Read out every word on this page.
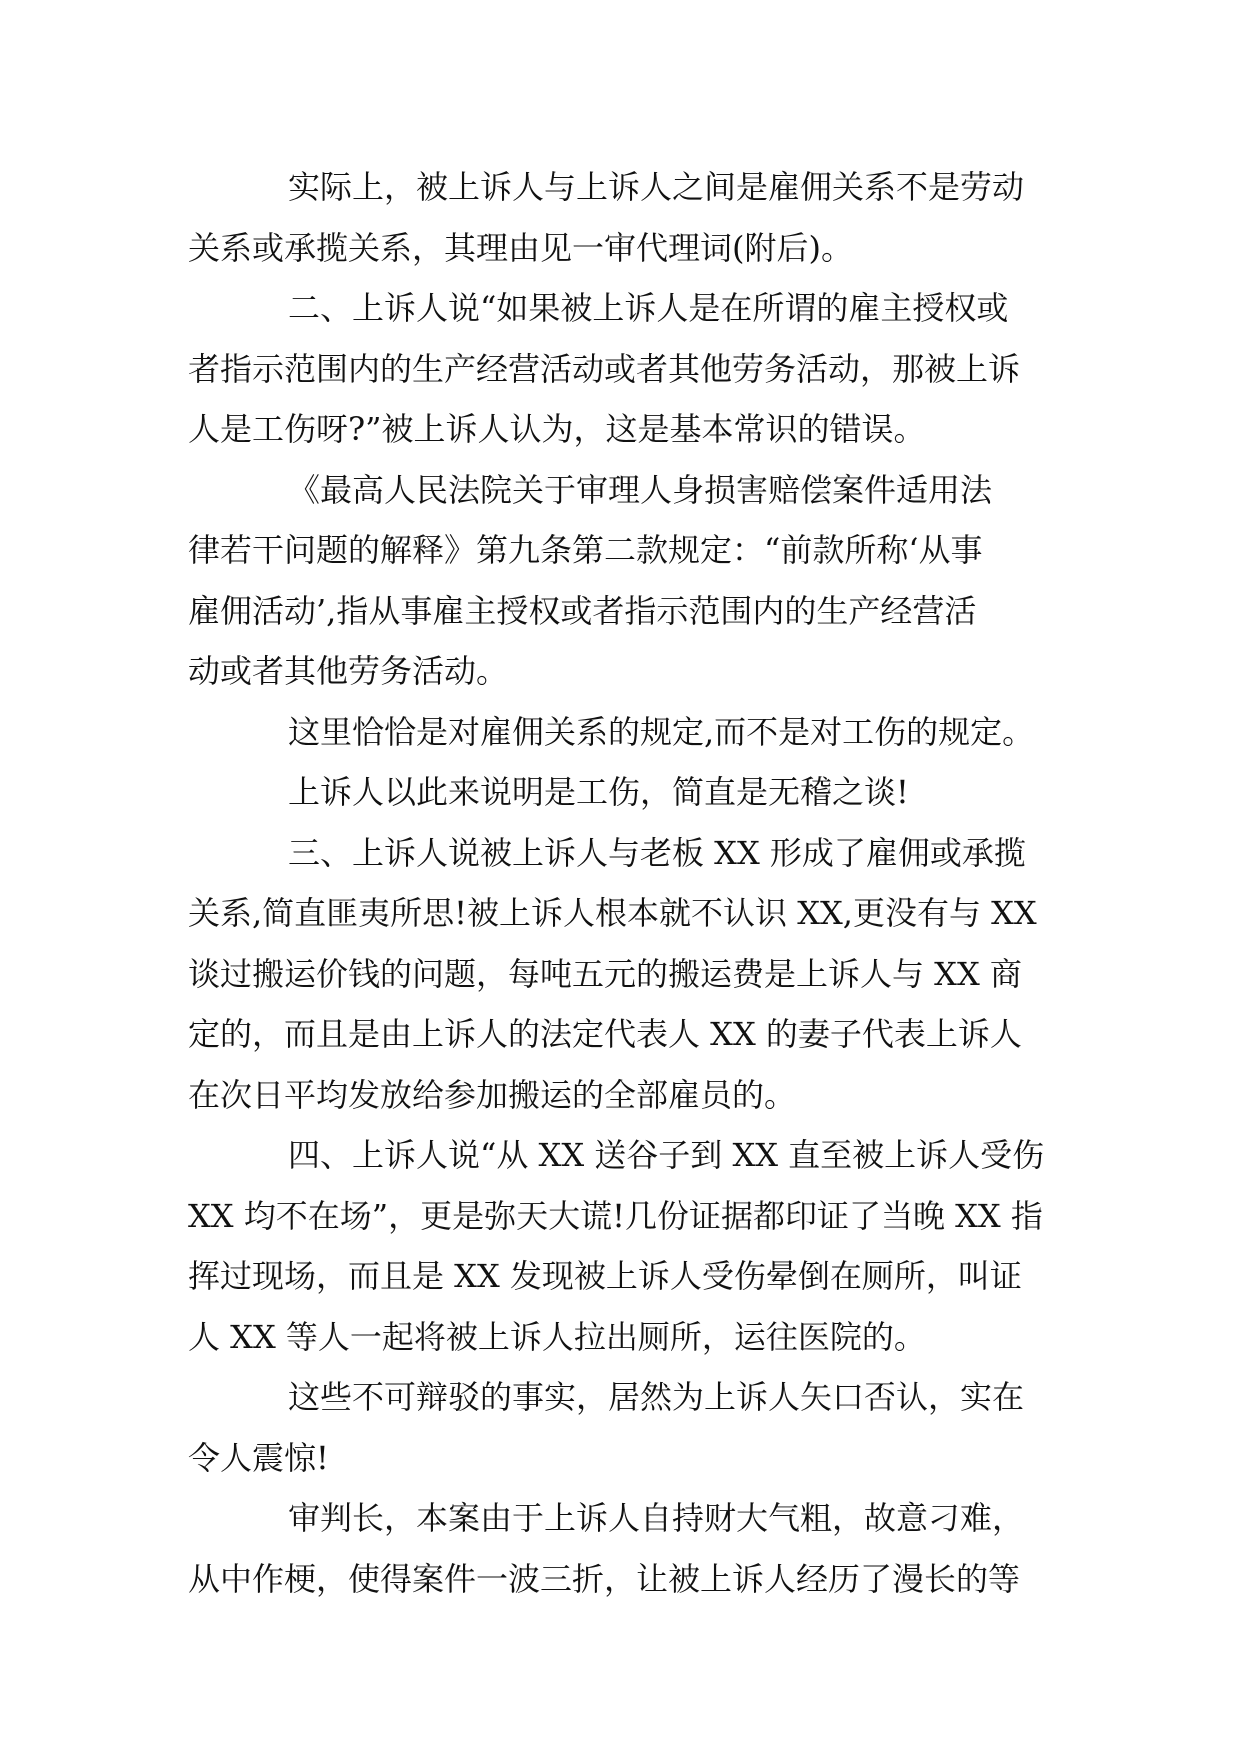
实际上，被上诉人与上诉人之间是雇佣关系不是劳动
关系或承揽关系，其理由见一审代理词(附后)。
二、上诉人说“如果被上诉人是在所谓的雇主授权或
者指示范围内的生产经营活动或者其他劳务活动，那被上诉
人是工伤呀?”被上诉人认为，这是基本常识的错误。
《最高人民法院关于审理人身损害赔偿案件适用法
律若干问题的解释》第九条第二款规定：“前款所称‘从事
雇佣活动’,指从事雇主授权或者指示范围内的生产经营活
动或者其他劳务活动。
这里恰恰是对雇佣关系的规定,而不是对工伤的规定。
上诉人以此来说明是工伤，简直是无稽之谈!
三、上诉人说被上诉人与老板 XX 形成了雇佣或承揽
关系,简直匪夷所思!被上诉人根本就不认识 XX,更没有与 XX
谈过搬运价钱的问题，每吨五元的搬运费是上诉人与 XX 商
定的，而且是由上诉人的法定代表人 XX 的妻子代表上诉人
在次日平均发放给参加搬运的全部雇员的。
四、上诉人说“从 XX 送谷子到 XX 直至被上诉人受伤
XX 均不在场”，更是弥天大谎!几份证据都印证了当晚 XX 指
挥过现场，而且是 XX 发现被上诉人受伤晕倒在厕所，叫证
人 XX 等人一起将被上诉人拉出厕所，运往医院的。
这些不可辩驳的事实，居然为上诉人矢口否认，实在
令人震惊!
审判长，本案由于上诉人自持财大气粗，故意刁难，
从中作梗，使得案件一波三折，让被上诉人经历了漫长的等
